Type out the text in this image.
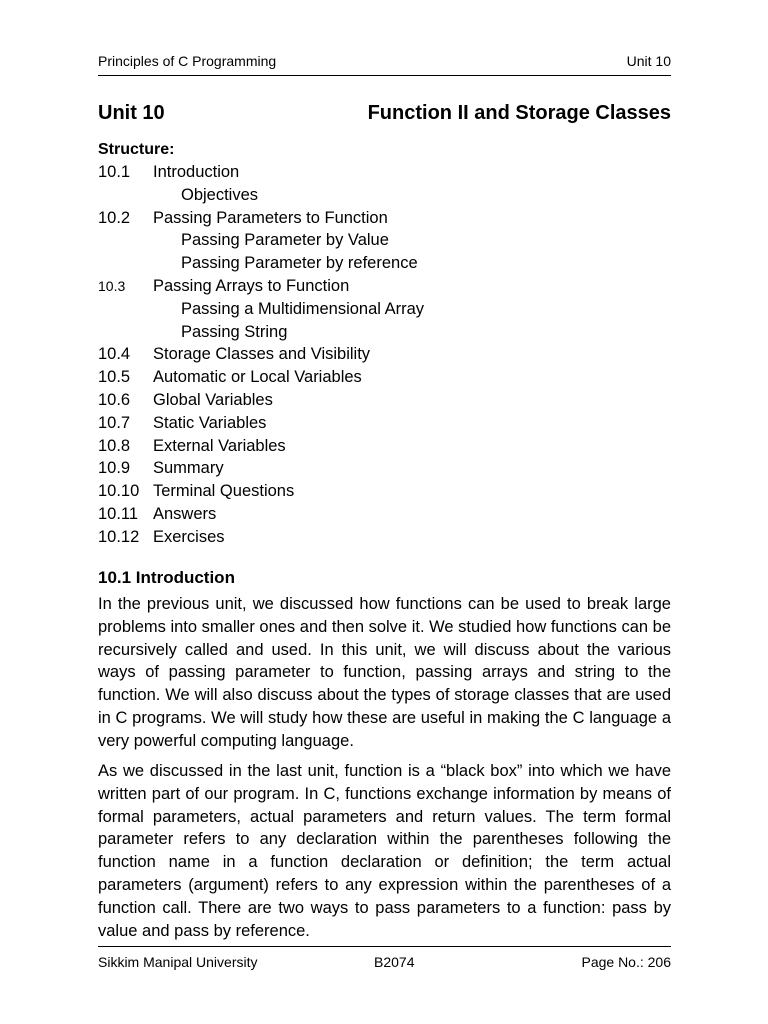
Principles of C Programming	Unit 10
Unit 10	Function II and Storage Classes
Structure:
10.1 Introduction
Objectives
10.2 Passing Parameters to Function
Passing Parameter by Value
Passing Parameter by reference
10.3 Passing Arrays to Function
Passing a Multidimensional Array
Passing String
10.4 Storage Classes and Visibility
10.5 Automatic or Local Variables
10.6 Global Variables
10.7 Static Variables
10.8 External Variables
10.9 Summary
10.10 Terminal Questions
10.11 Answers
10.12 Exercises
10.1 Introduction

In the previous unit, we discussed how functions can be used to break large problems into smaller ones and then solve it. We studied how functions can be recursively called and used. In this unit, we will discuss about the various ways of passing parameter to function, passing arrays and string to the function. We will also discuss about the types of storage classes that are used in C programs. We will study how these are useful in making the C language a very powerful computing language.

As we discussed in the last unit, function is a “black box” into which we have written part of our program. In C, functions exchange information by means of formal parameters, actual parameters and return values. The term formal parameter refers to any declaration within the parentheses following the function name in a function declaration or definition; the term actual parameters (argument) refers to any expression within the parentheses of a function call. There are two ways to pass parameters to a function: pass by value and pass by reference.

Sikkim Manipal University	B2074	Page No.: 206
